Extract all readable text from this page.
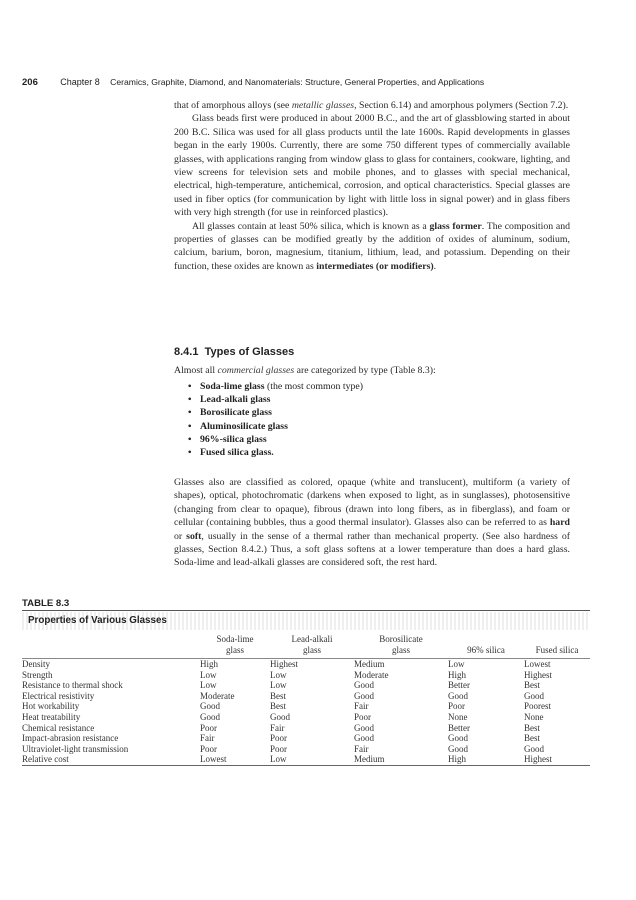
206 Chapter 8 Ceramics, Graphite, Diamond, and Nanomaterials: Structure, General Properties, and Applications

that of amorphous alloys (see metallic glasses, Section 6.14) and amorphous polymers (Section 7.2).

Glass beads first were produced in about 2000 B.C., and the art of glassblowing started in about 200 B.C. Silica was used for all glass products until the late 1600s. Rapid developments in glasses began in the early 1900s. Currently, there are some 750 different types of commercially available glasses, with applications ranging from window glass to glass for containers, cookware, lighting, and view screens for television sets and mobile phones, and to glasses with special mechanical, electrical, high-temperature, antichemical, corrosion, and optical characteristics. Special glasses are used in fiber optics (for communication by light with little loss in signal power) and in glass fibers with very high strength (for use in reinforced plastics).

All glasses contain at least 50% silica, which is known as a glass former. The composition and properties of glasses can be modified greatly by the addition of oxides of aluminum, sodium, calcium, barium, boron, magnesium, titanium, lithium, lead, and potassium. Depending on their function, these oxides are known as intermediates (or modifiers).

8.4.1 Types of Glasses

Almost all commercial glasses are categorized by type (Table 8.3):

• Soda-lime glass (the most common type)
• Lead-alkali glass
• Borosilicate glass
• Aluminosilicate glass
• 96%-silica glass
• Fused silica glass.

Glasses also are classified as colored, opaque (white and translucent), multiform (a variety of shapes), optical, photochromatic (darkens when exposed to light, as in sunglasses), photosensitive (changing from clear to opaque), fibrous (drawn into long fibers, as in fiberglass), and foam or cellular (containing bubbles, thus a good thermal insulator). Glasses also can be referred to as hard or soft, usually in the sense of a thermal rather than mechanical property. (See also hardness of glasses, Section 8.4.2.) Thus, a soft glass softens at a lower temperature than does a hard glass. Soda-lime and lead-alkali glasses are considered soft, the rest hard.

TABLE 8.3
Properties of Various Glasses
	Soda-lime
glass	Lead-alkali
glass	Borosilicate
glass	96% silica	Fused silica
Density	High	Highest	Medium	Low	Lowest
Strength	Low	Low	Moderate	High	Highest
Resistance to thermal shock	Low	Low	Good	Better	Best
Electrical resistivity	Moderate	Best	Good	Good	Good
Hot workability	Good	Best	Fair	Poor	Poorest
Heat treatability	Good	Good	Poor	None	None
Chemical resistance	Poor	Fair	Good	Better	Best
Impact-abrasion resistance	Fair	Poor	Good	Good	Best
Ultraviolet-light transmission	Poor	Poor	Fair	Good	Good
Relative cost	Lowest	Low	Medium	High	Highest
